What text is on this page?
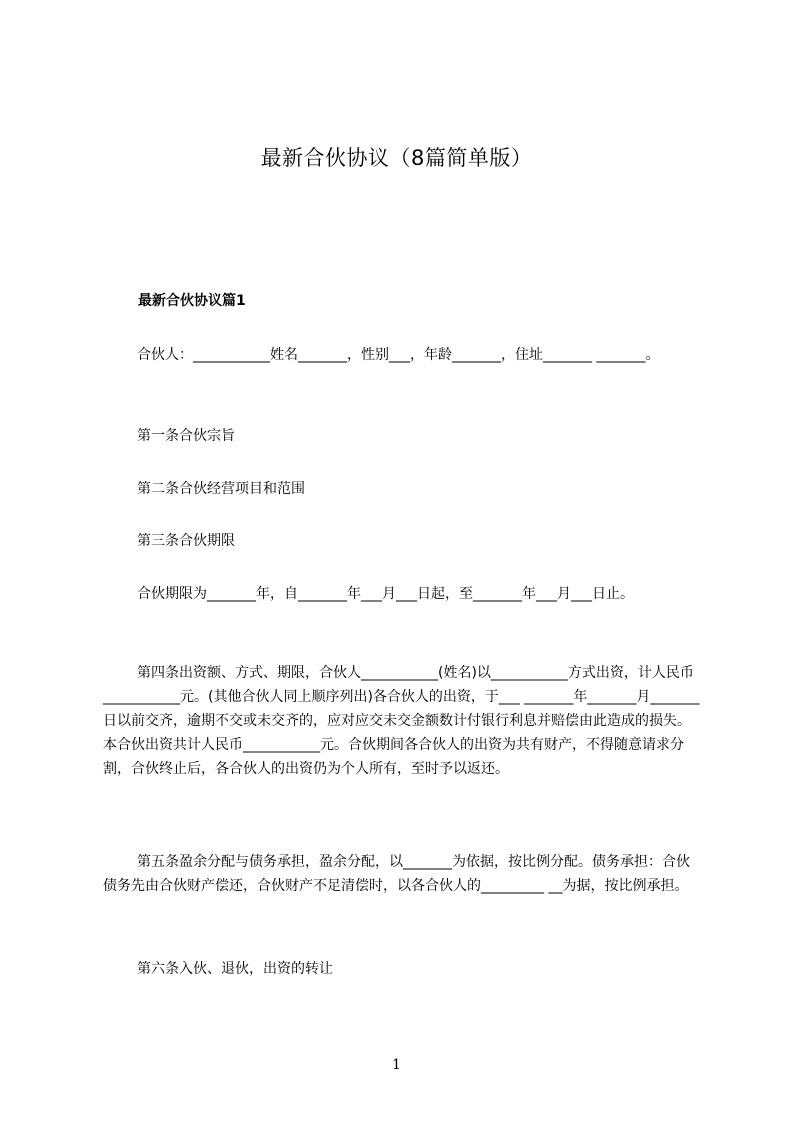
最新合伙协议（8篇简单版）
最新合伙协议篇1
合伙人：___________姓名_______，性别___，年龄_______，住址_______ _______。
第一条合伙宗旨
第二条合伙经营项目和范围
第三条合伙期限
合伙期限为_______年，自_______年___月___日起，至_______年___月___日止。
第四条出资额、方式、期限，合伙人___________(姓名)以___________方式出资，计人民币___________元。(其他合伙人同上顺序列出)各合伙人的出资，于___ _______年_______月_______日以前交齐，逾期不交或未交齐的，应对应交未交金额数计付银行利息并赔偿由此造成的损失。本合伙出资共计人民币___________元。合伙期间各合伙人的出资为共有财产，不得随意请求分割，合伙终止后，各合伙人的出资仍为个人所有，至时予以返还。
第五条盈余分配与债务承担，盈余分配，以_______为依据，按比例分配。债务承担：合伙债务先由合伙财产偿还，合伙财产不足清偿时，以各合伙人的_________ __为据，按比例承担。
第六条入伙、退伙，出资的转让
1
